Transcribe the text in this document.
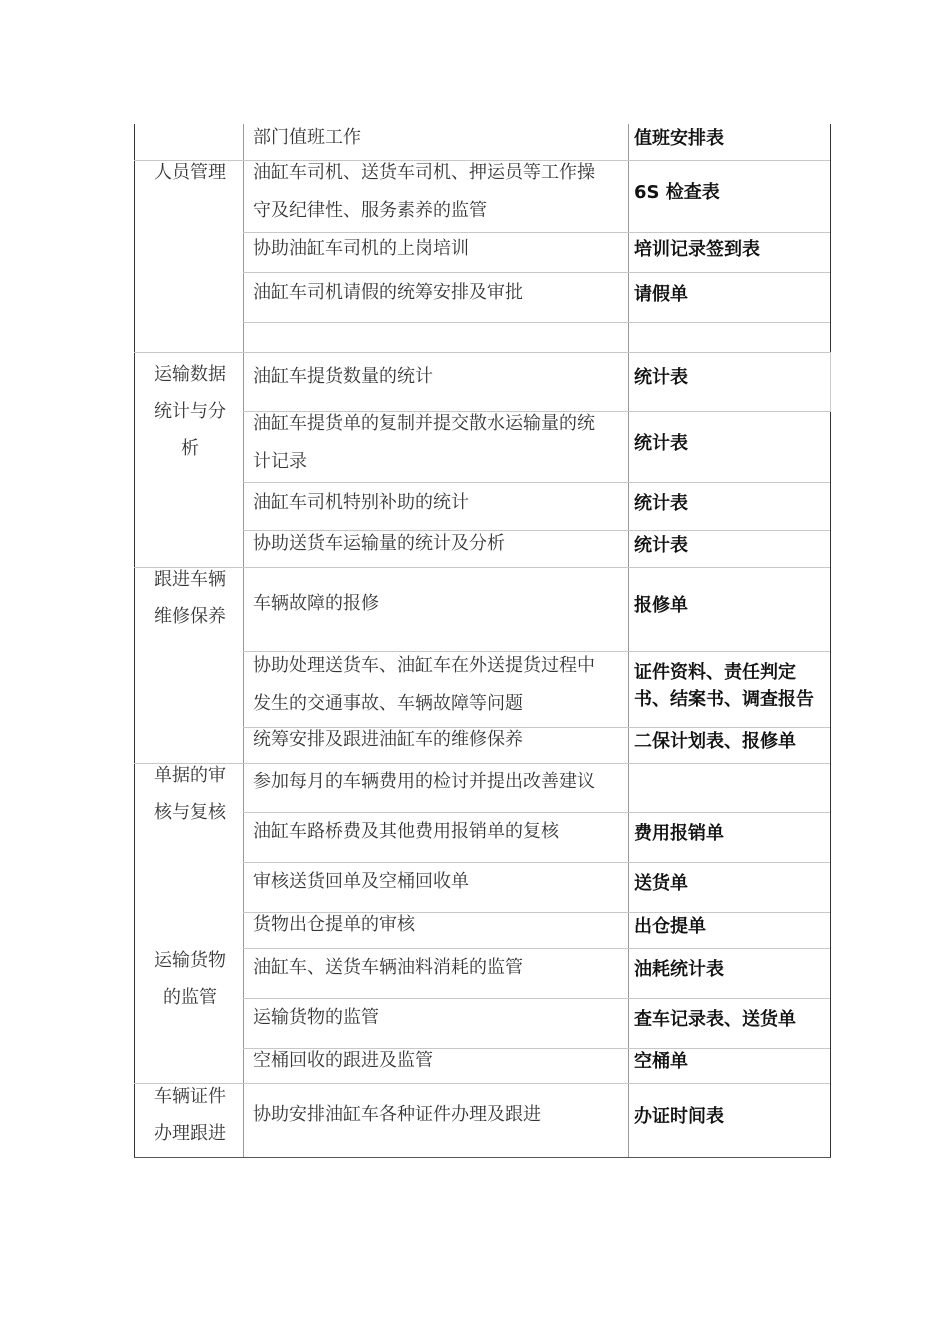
人员管理
运输数据
统计与分
析
跟进车辆
维修保养
单据的审
核与复核
运输货物
的监管
车辆证件
办理跟进
部门值班工作
油缸车司机、送货车司机、押运员等工作操
守及纪律性、服务素养的监管
协助油缸车司机的上岗培训
油缸车司机请假的统筹安排及审批
油缸车提货数量的统计
油缸车提货单的复制并提交散水运输量的统
计记录
油缸车司机特别补助的统计
协助送货车运输量的统计及分析
车辆故障的报修
协助处理送货车、油缸车在外送提货过程中
发生的交通事故、车辆故障等问题
统筹安排及跟进油缸车的维修保养
参加每月的车辆费用的检讨并提出改善建议
油缸车路桥费及其他费用报销单的复核
审核送货回单及空桶回收单
货物出仓提单的审核
油缸车、送货车辆油料消耗的监管
运输货物的监管
空桶回收的跟进及监管
协助安排油缸车各种证件办理及跟进
值班安排表
6S 检查表
培训记录签到表
请假单
统计表
统计表
统计表
统计表
报修单
证件资料、责任判定
书、结案书、调查报告
二保计划表、报修单
费用报销单
送货单
出仓提单
油耗统计表
查车记录表、送货单
空桶单
办证时间表
